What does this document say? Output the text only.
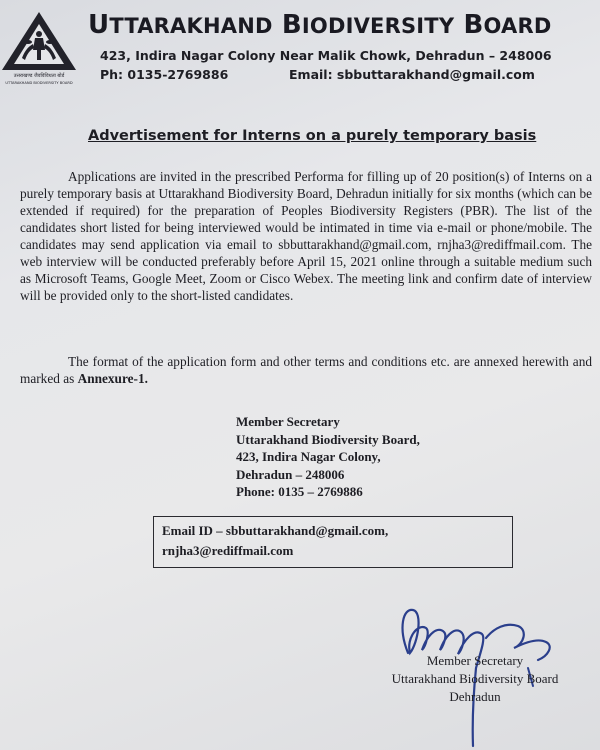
उत्तराखण्ड जैवविविधता बोर्ड
UTTARAKHAND BIODIVERSITY BOARD
UTTARAKHAND BIODIVERSITY BOARD
423, Indira Nagar Colony Near Malik Chowk, Dehradun – 248006
Ph: 0135-2769886	Email: sbbuttarakhand@gmail.com
Advertisement for Interns on a purely temporary basis

Applications are invited in the prescribed Performa for filling up of 20 position(s) of Interns on a purely temporary basis at Uttarakhand Biodiversity Board, Dehradun initially for six months (which can be extended if required) for the preparation of Peoples Biodiversity Registers (PBR). The list of the candidates short listed for being interviewed would be intimated in time via e-mail or phone/mobile. The candidates may send application via email to sbbuttarakhand@gmail.com, rnjha3@rediffmail.com. The web interview will be conducted preferably before April 15, 2021 online through a suitable medium such as Microsoft Teams, Google Meet, Zoom or Cisco Webex. The meeting link and confirm date of interview will be provided only to the short-listed candidates.

The format of the application form and other terms and conditions etc. are annexed herewith and marked as Annexure-1.

Member Secretary
Uttarakhand Biodiversity Board,
423, Indira Nagar Colony,
Dehradun – 248006
Phone: 0135 – 2769886
Email ID – sbbuttarakhand@gmail.com,
rnjha3@rediffmail.com
Member Secretary
Uttarakhand Biodiversity Board
Dehradun
